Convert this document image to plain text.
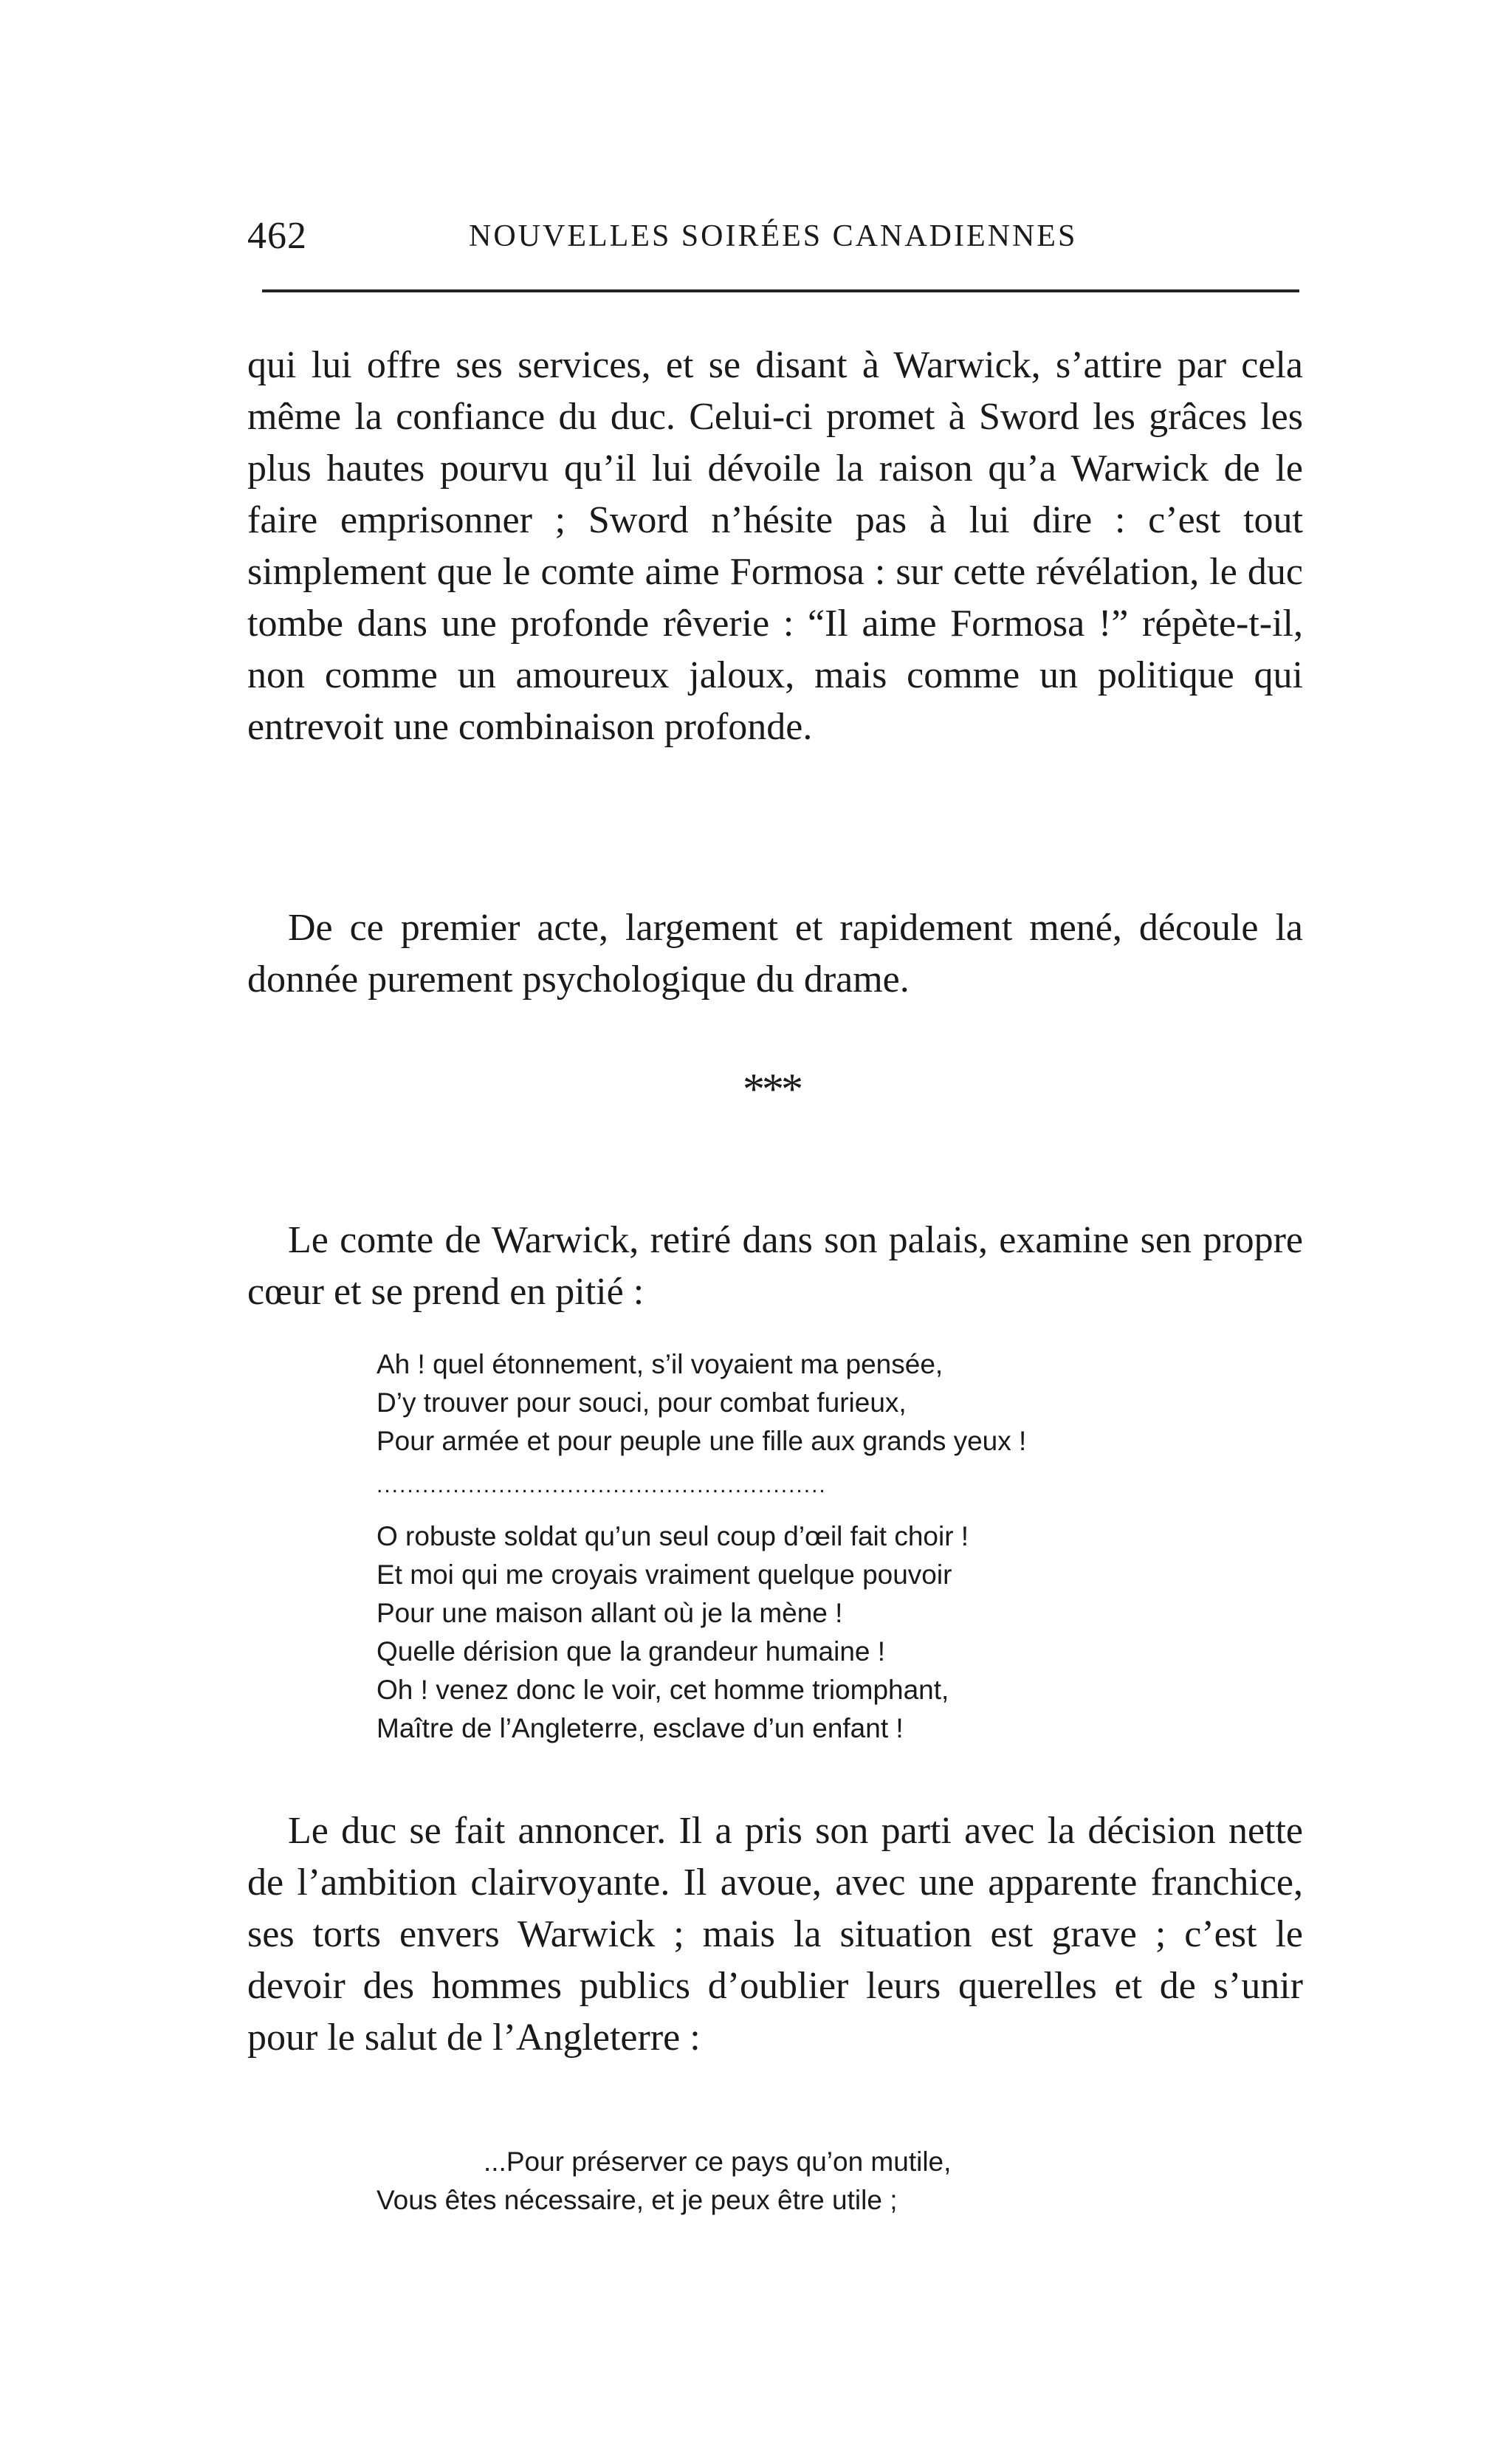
462	NOUVELLES SOIRÉES CANADIENNES

qui lui offre ses services, et se disant à Warwick, s’attire par cela même la confiance du duc. Celui-ci promet à Sword les grâces les plus hautes pourvu qu’il lui dévoile la raison qu’a Warwick de le faire emprisonner ; Sword n’hésite pas à lui dire : c’est tout simplement que le comte aime Formosa : sur cette révélation, le duc tombe dans une profonde rêverie : “Il aime Formosa !” répète-t-il, non comme un amoureux jaloux, mais comme un politique qui entrevoit une combinaison profonde.

De ce premier acte, largement et rapidement mené, découle la donnée purement psychologique du drame.

***

Le comte de Warwick, retiré dans son palais, examine sen propre cœur et se prend en pitié :

Ah ! quel étonnement, s’il voyaient ma pensée,
D’y trouver pour souci, pour combat furieux,
Pour armée et pour peuple une fille aux grands yeux !
...........................................................
O robuste soldat qu’un seul coup d’œil fait choir !
Et moi qui me croyais vraiment quelque pouvoir
Pour une maison allant où je la mène !
Quelle dérision que la grandeur humaine !
Oh ! venez donc le voir, cet homme triomphant,
Maître de l’Angleterre, esclave d’un enfant !

Le duc se fait annoncer. Il a pris son parti avec la décision nette de l’ambition clairvoyante. Il avoue, avec une apparente franchice, ses torts envers Warwick ; mais la situation est grave ; c’est le devoir des hommes publics d’oublier leurs querelles et de s’unir pour le salut de l’Angleterre :

...Pour préserver ce pays qu’on mutile,
Vous êtes nécessaire, et je peux être utile ;
